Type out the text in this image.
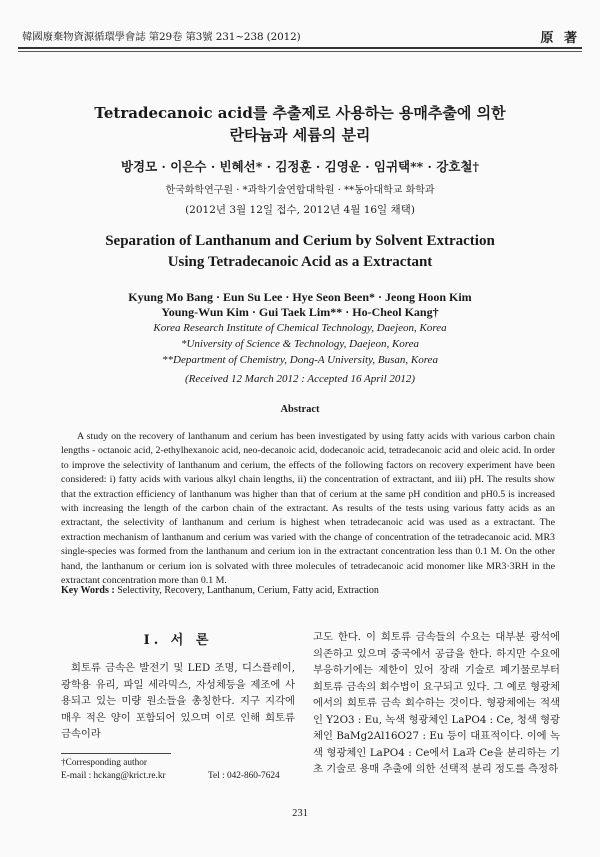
韓國廢棄物資源循環學會誌 第29卷 第3號 231~238 (2012)	原 著
Tetradecanoic acid를 추출제로 사용하는 용매추출에 의한
란타늄과 세륨의 분리
방경모 · 이은수 · 빈혜선* · 김정훈 · 김영운 · 임귀택** · 강호철†
한국화학연구원 · *과학기술연합대학원 · **동아대학교 화학과
(2012년 3월 12일 접수, 2012년 4월 16일 채택)
Separation of Lanthanum and Cerium by Solvent Extraction
Using Tetradecanoic Acid as a Extractant
Kyung Mo Bang · Eun Su Lee · Hye Seon Been* · Jeong Hoon Kim
Young-Wun Kim · Gui Taek Lim** · Ho-Cheol Kang†
Korea Research Institute of Chemical Technology, Daejeon, Korea
*University of Science & Technology, Daejeon, Korea
**Department of Chemistry, Dong-A University, Busan, Korea
(Received 12 March 2012 : Accepted 16 April 2012)
Abstract

A study on the recovery of lanthanum and cerium has been investigated by using fatty acids with various carbon chain lengths - octanoic acid, 2-ethylhexanoic acid, neo-decanoic acid, dodecanoic acid, tetradecanoic acid and oleic acid. In order to improve the selectivity of lanthanum and cerium, the effects of the following factors on recovery experiment have been considered: i) fatty acids with various alkyl chain lengths, ii) the concentration of extractant, and iii) pH. The results show that the extraction efficiency of lanthanum was higher than that of cerium at the same pH condition and pH0.5 is increased with increasing the length of the carbon chain of the extractant. As results of the tests using various fatty acids as an extractant, the selectivity of lanthanum and cerium is highest when tetradecanoic acid was used as a extractant. The extraction mechanism of lanthanum and cerium was varied with the change of concentration of the tetradecanoic acid. MR3 single-species was formed from the lanthanum and cerium ion in the extractant concentration less than 0.1 M. On the other hand, the lanthanum or cerium ion is solvated with three molecules of tetradecanoic acid monomer like MR3·3RH in the extractant concentration more than 0.1 M.

Key Words : Selectivity, Recovery, Lanthanum, Cerium, Fatty acid, Extraction
I. 서 론

희토류 금속은 발전기 및 LED 조명, 디스플레이, 광학용 유리, 파일 세라믹스, 자성체등을 제조에 사용되고 있는 미량 원소들을 총칭한다. 지구 지각에 매우 적은 양이 포함되어 있으며 이로 인해 희토류 금속이라

고도 한다. 이 희토류 금속들의 수요는 대부분 광석에 의존하고 있으며 중국에서 공급을 한다. 하지만 수요에 부응하기에는 제한이 있어 장래 기술로 폐기물로부터 희토류 금속의 회수법이 요구되고 있다. 그 예로 형광체에서의 희토류 금속 회수하는 것이다. 형광체에는 적색인 Y2O3 : Eu, 녹색 형광체인 LaPO4 : Ce, 청색 형광체인 BaMg2Al16O27 : Eu 등이 대표적이다. 이에 녹색 형광체인 LaPO4 : Ce에서 La과 Ce을 분리하는 기초 기술로 용매 추출에 의한 선택적 분리 정도를 측정하

†Corresponding author
E-mail : hckang@krict.re.kr	Tel : 042-860-7624
231
